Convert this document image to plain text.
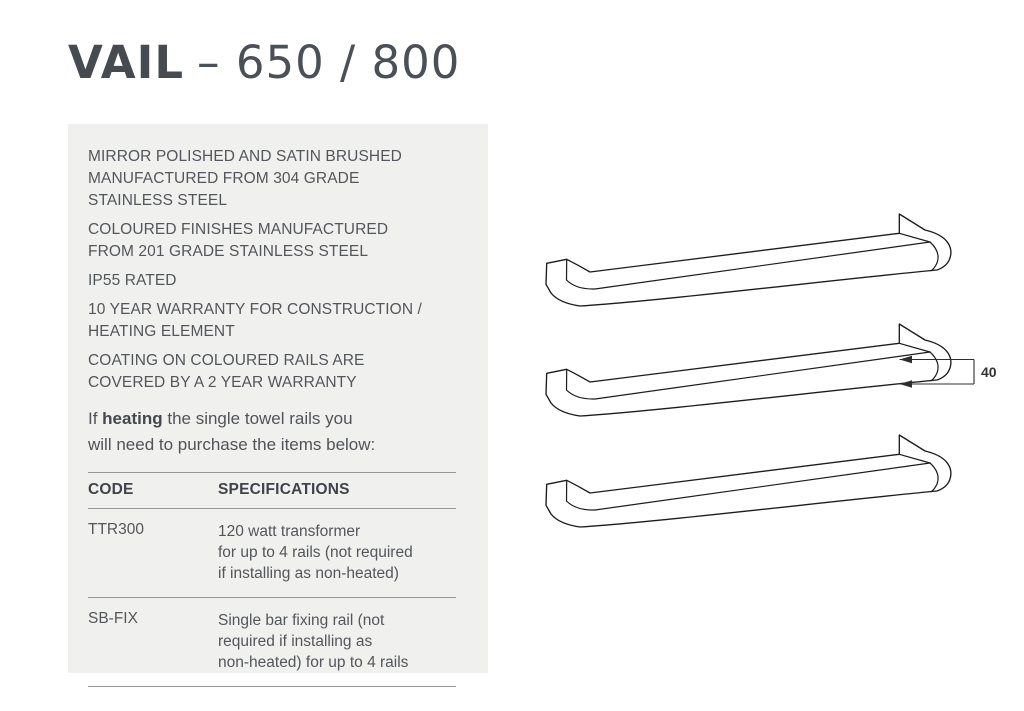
VAIL – 650 / 800
MIRROR POLISHED AND SATIN BRUSHED
MANUFACTURED FROM 304 GRADE
STAINLESS STEEL
COLOURED FINISHES MANUFACTURED
FROM 201 GRADE STAINLESS STEEL
IP55 RATED
10 YEAR WARRANTY FOR CONSTRUCTION /
HEATING ELEMENT
COATING ON COLOURED RAILS ARE
COVERED BY A 2 YEAR WARRANTY

If heating the single towel rails you
will need to purchase the items below:

CODE	SPECIFICATIONS
TTR300	120 watt transformer
for up to 4 rails (not required
if installing as non-heated)

SB-FIX	Single bar fixing rail (not
required if installing as
non-heated) for up to 4 rails
40
